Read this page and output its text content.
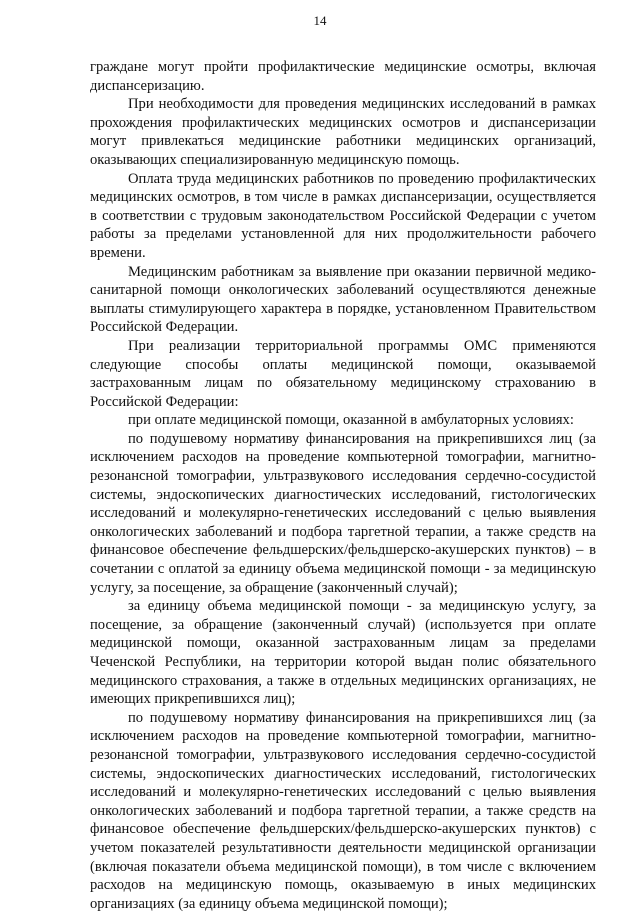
14

граждане могут пройти профилактические медицинские осмотры, включая диспансеризацию.

При необходимости для проведения медицинских исследований в рамках прохождения профилактических медицинских осмотров и диспансеризации могут привлекаться медицинские работники медицинских организаций, оказывающих специализированную медицинскую помощь.

Оплата труда медицинских работников по проведению профилактических медицинских осмотров, в том числе в рамках диспансеризации, осуществляется в соответствии с трудовым законодательством Российской Федерации с учетом работы за пределами установленной для них продолжительности рабочего времени.

Медицинским работникам за выявление при оказании первичной медико-санитарной помощи онкологических заболеваний осуществляются денежные выплаты стимулирующего характера в порядке, установленном Правительством Российской Федерации.

При реализации территориальной программы ОМС применяются следующие способы оплаты медицинской помощи, оказываемой застрахованным лицам по обязательному медицинскому страхованию в Российской Федерации:

при оплате медицинской помощи, оказанной в амбулаторных условиях:

по подушевому нормативу финансирования на прикрепившихся лиц (за исключением расходов на проведение компьютерной томографии, магнитно-резонансной томографии, ультразвукового исследования сердечно-сосудистой системы, эндоскопических диагностических исследований, гистологических исследований и молекулярно-генетических исследований с целью выявления онкологических заболеваний и подбора таргетной терапии, а также средств на финансовое обеспечение фельдшерских/фельдшерско-акушерских пунктов) – в сочетании с оплатой за единицу объема медицинской помощи - за медицинскую услугу, за посещение, за обращение (законченный случай);

за единицу объема медицинской помощи - за медицинскую услугу, за посещение, за обращение (законченный случай) (используется при оплате медицинской помощи, оказанной застрахованным лицам за пределами Чеченской Республики, на территории которой выдан полис обязательного медицинского страхования, а также в отдельных медицинских организациях, не имеющих прикрепившихся лиц);

по подушевому нормативу финансирования на прикрепившихся лиц (за исключением расходов на проведение компьютерной томографии, магнитно-резонансной томографии, ультразвукового исследования сердечно-сосудистой системы, эндоскопических диагностических исследований, гистологических исследований и молекулярно-генетических исследований с целью выявления онкологических заболеваний и подбора таргетной терапии, а также средств на финансовое обеспечение фельдшерских/фельдшерско-акушерских пунктов) с учетом показателей результативности деятельности медицинской организации (включая показатели объема медицинской помощи), в том числе с включением расходов на медицинскую помощь, оказываемую в иных медицинских организациях (за единицу объема медицинской помощи);
